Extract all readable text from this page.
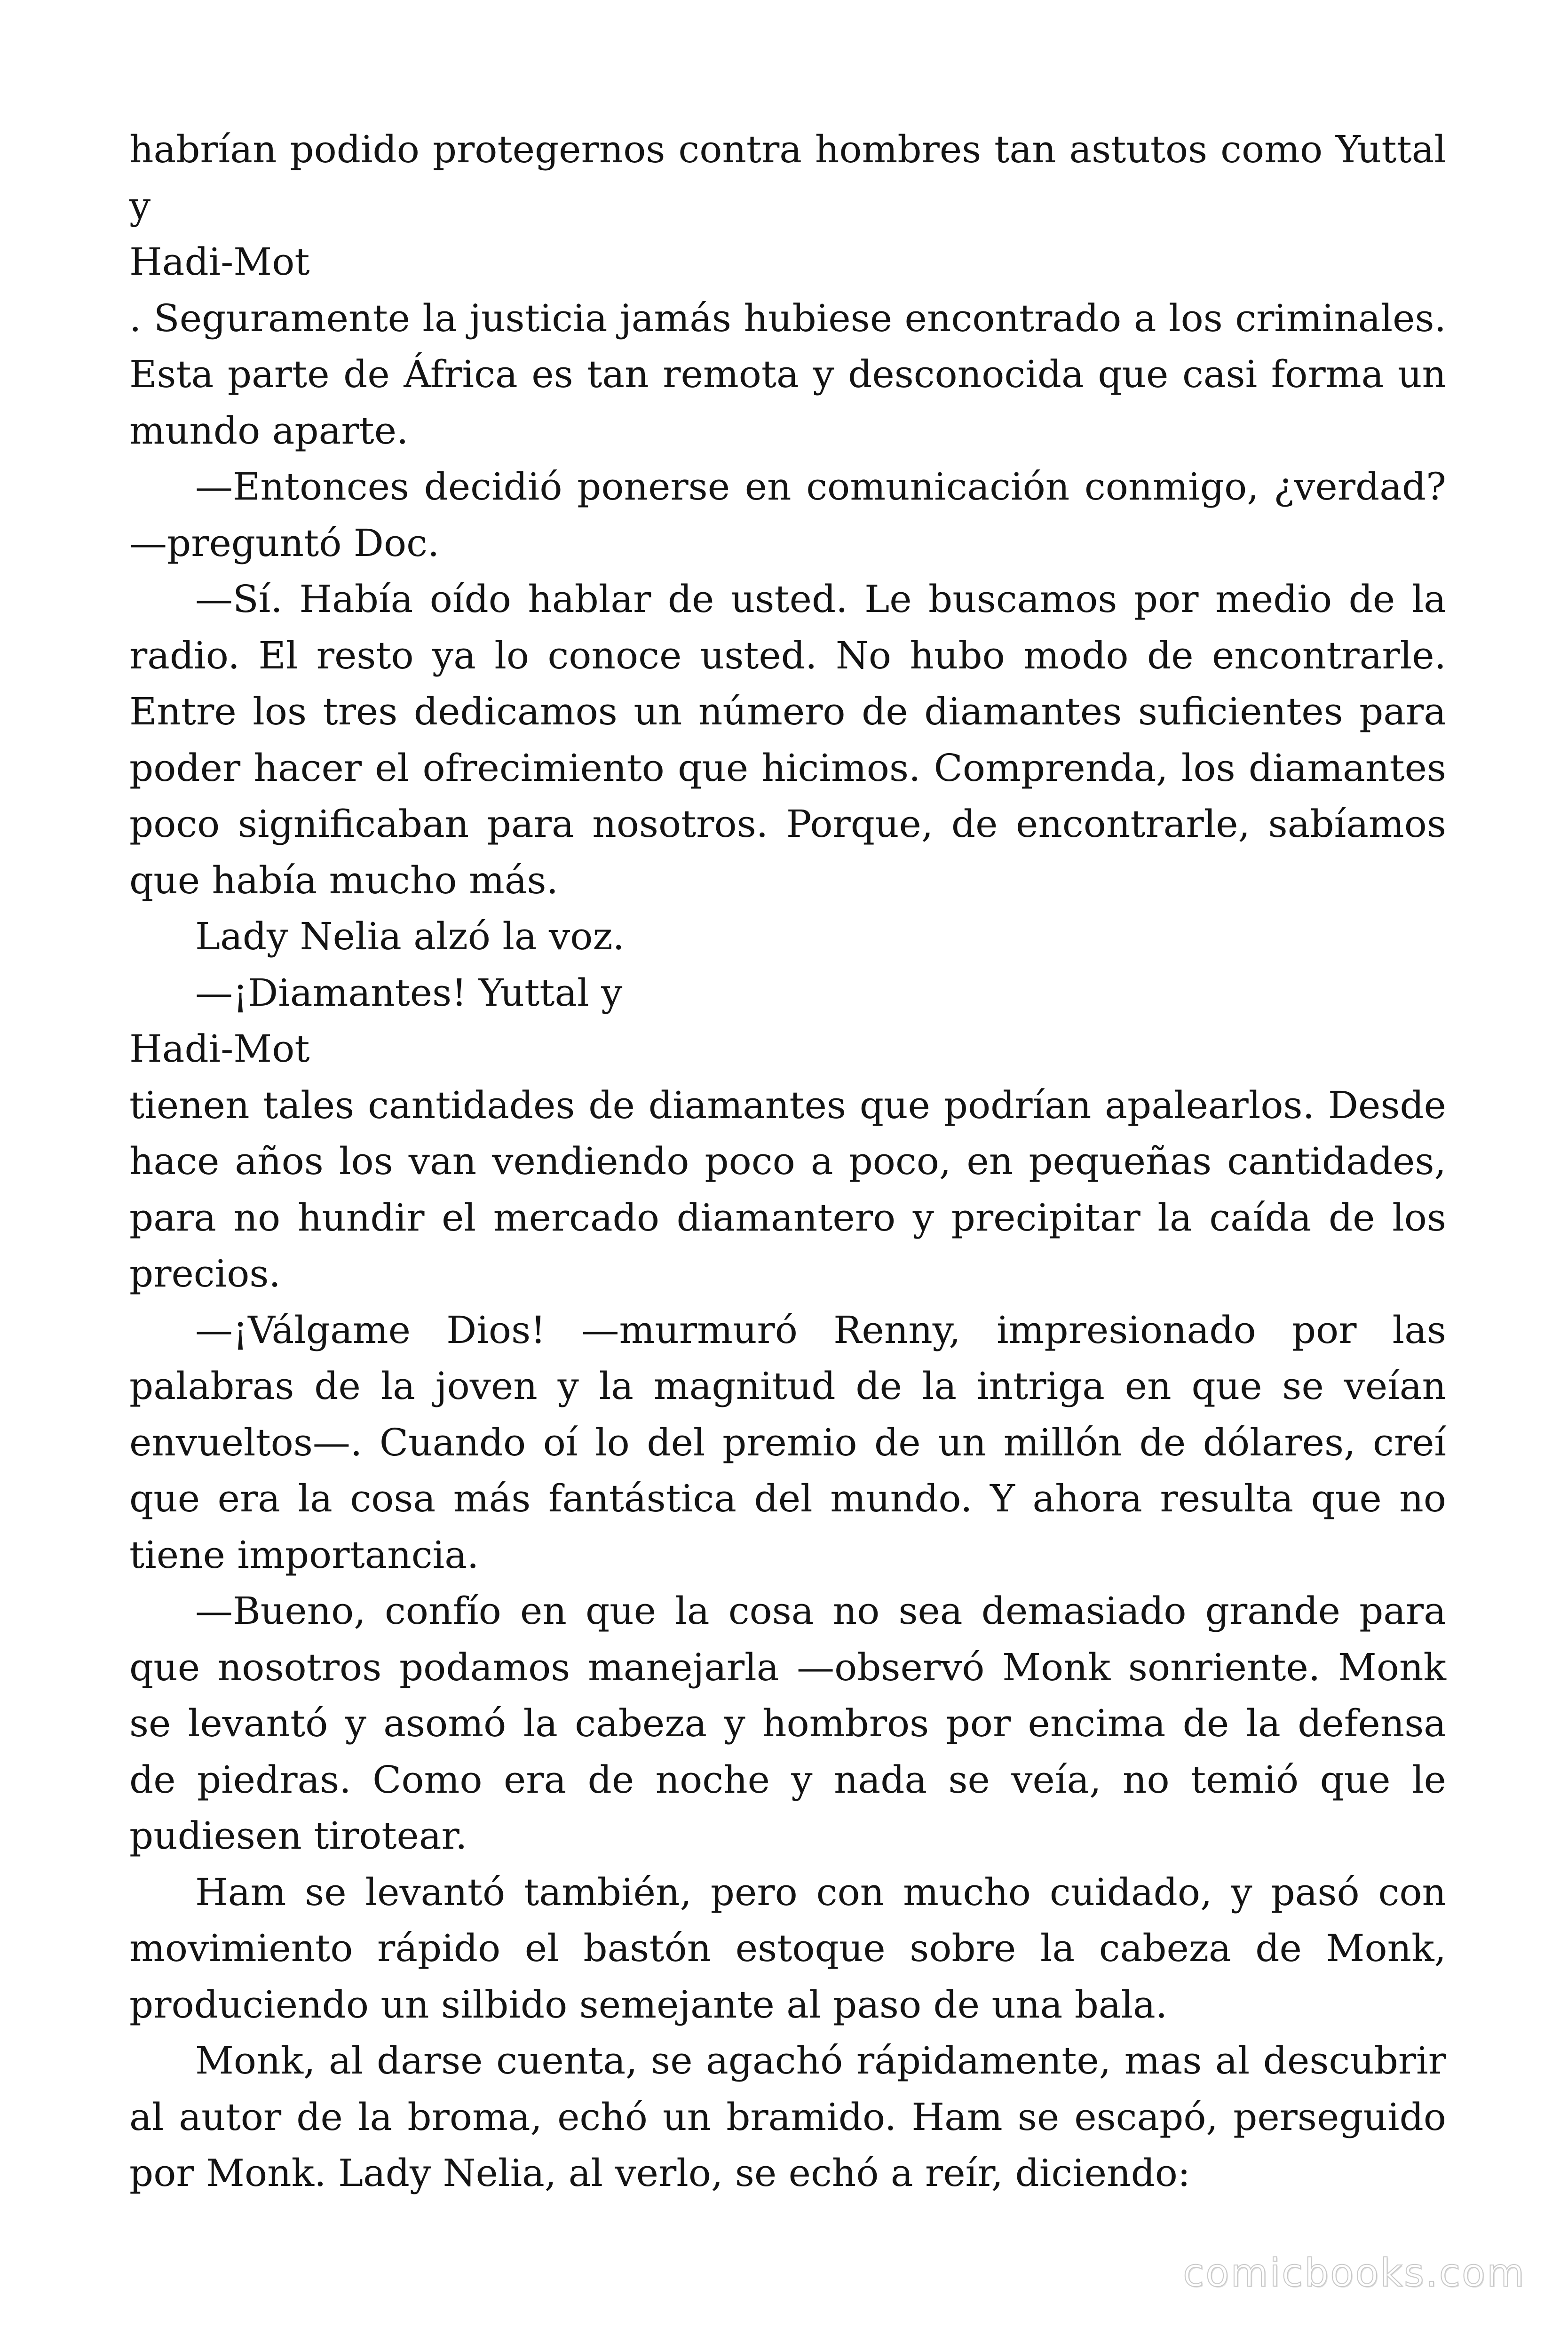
habrían podido protegernos contra hombres tan astutos como Yuttal
y
Hadi-Mot
. Seguramente la justicia jamás hubiese encontrado a los criminales.
Esta parte de África es tan remota y desconocida que casi forma un
mundo aparte.
—Entonces decidió ponerse en comunicación conmigo, ¿verdad?
—preguntó Doc.
—Sí. Había oído hablar de usted. Le buscamos por medio de la
radio. El resto ya lo conoce usted. No hubo modo de encontrarle.
Entre los tres dedicamos un número de diamantes suficientes para
poder hacer el ofrecimiento que hicimos. Comprenda, los diamantes
poco significaban para nosotros. Porque, de encontrarle, sabíamos
que había mucho más.
Lady Nelia alzó la voz.
—¡Diamantes! Yuttal y
Hadi-Mot
tienen tales cantidades de diamantes que podrían apalearlos. Desde
hace años los van vendiendo poco a poco, en pequeñas cantidades,
para no hundir el mercado diamantero y precipitar la caída de los
precios.
—¡Válgame Dios! —murmuró Renny, impresionado por las
palabras de la joven y la magnitud de la intriga en que se veían
envueltos—. Cuando oí lo del premio de un millón de dólares, creí
que era la cosa más fantástica del mundo. Y ahora resulta que no
tiene importancia.
—Bueno, confío en que la cosa no sea demasiado grande para
que nosotros podamos manejarla —observó Monk sonriente. Monk
se levantó y asomó la cabeza y hombros por encima de la defensa
de piedras. Como era de noche y nada se veía, no temió que le
pudiesen tirotear.
Ham se levantó también, pero con mucho cuidado, y pasó con
movimiento rápido el bastón estoque sobre la cabeza de Monk,
produciendo un silbido semejante al paso de una bala.
Monk, al darse cuenta, se agachó rápidamente, mas al descubrir
al autor de la broma, echó un bramido. Ham se escapó, perseguido
por Monk. Lady Nelia, al verlo, se echó a reír, diciendo:
comicbooks.com
